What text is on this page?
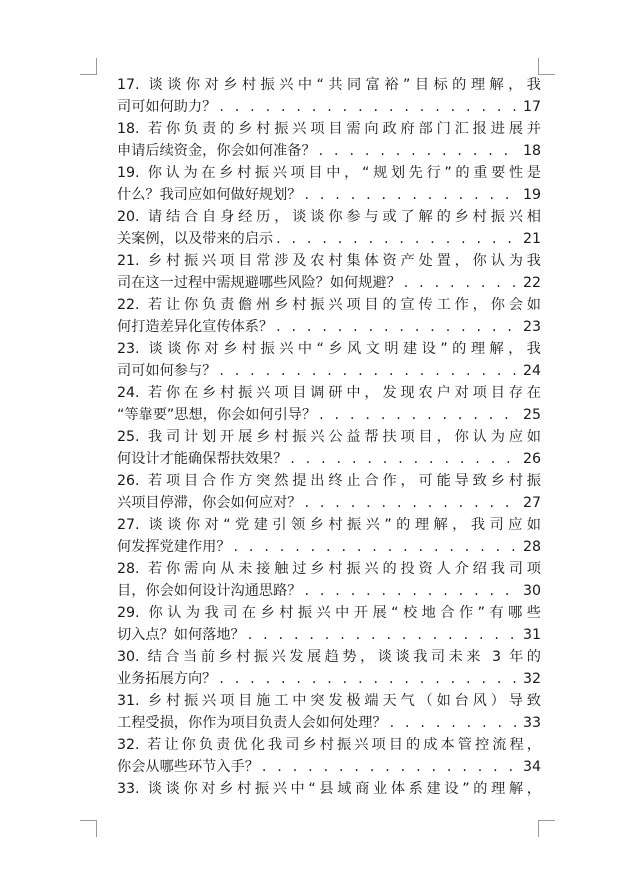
17. 谈谈你对乡村振兴中“共同富裕”目标的理解，我
司可如何助力？ . . .	17
18. 若你负责的乡村振兴项目需向政府部门汇报进展并
申请后续资金，你会如何准备？ . . .	18
19. 你认为在乡村振兴项目中，“规划先行”的重要性是
什么？我司应如何做好规划？ . . .	19
20. 请结合自身经历，谈谈你参与或了解的乡村振兴相
关案例，以及带来的启示 . . .	21
21. 乡村振兴项目常涉及农村集体资产处置，你认为我
司在这一过程中需规避哪些风险？如何规避？ . . .	22
22. 若让你负责儋州乡村振兴项目的宣传工作，你会如
何打造差异化宣传体系？ . . .	23
23. 谈谈你对乡村振兴中“乡风文明建设”的理解，我
司可如何参与？ . . .	24
24. 若你在乡村振兴项目调研中，发现农户对项目存在
“等靠要”思想，你会如何引导？ . . .	25
25. 我司计划开展乡村振兴公益帮扶项目，你认为应如
何设计才能确保帮扶效果？ . . .	26
26. 若项目合作方突然提出终止合作，可能导致乡村振
兴项目停滞，你会如何应对？ . . .	27
27. 谈谈你对“党建引领乡村振兴”的理解，我司应如
何发挥党建作用？ . . .	28
28. 若你需向从未接触过乡村振兴的投资人介绍我司项
目，你会如何设计沟通思路？ . . .	30
29. 你认为我司在乡村振兴中开展“校地合作”有哪些
切入点？如何落地？ . . .	31
30. 结合当前乡村振兴发展趋势，谈谈我司未来 3 年的
业务拓展方向？ . . .	32
31. 乡村振兴项目施工中突发极端天气（如台风）导致
工程受损，你作为项目负责人会如何处理？ . . .	33
32. 若让你负责优化我司乡村振兴项目的成本管控流程，
你会从哪些环节入手？ . . .	34
33. 谈谈你对乡村振兴中“县域商业体系建设”的理解，
